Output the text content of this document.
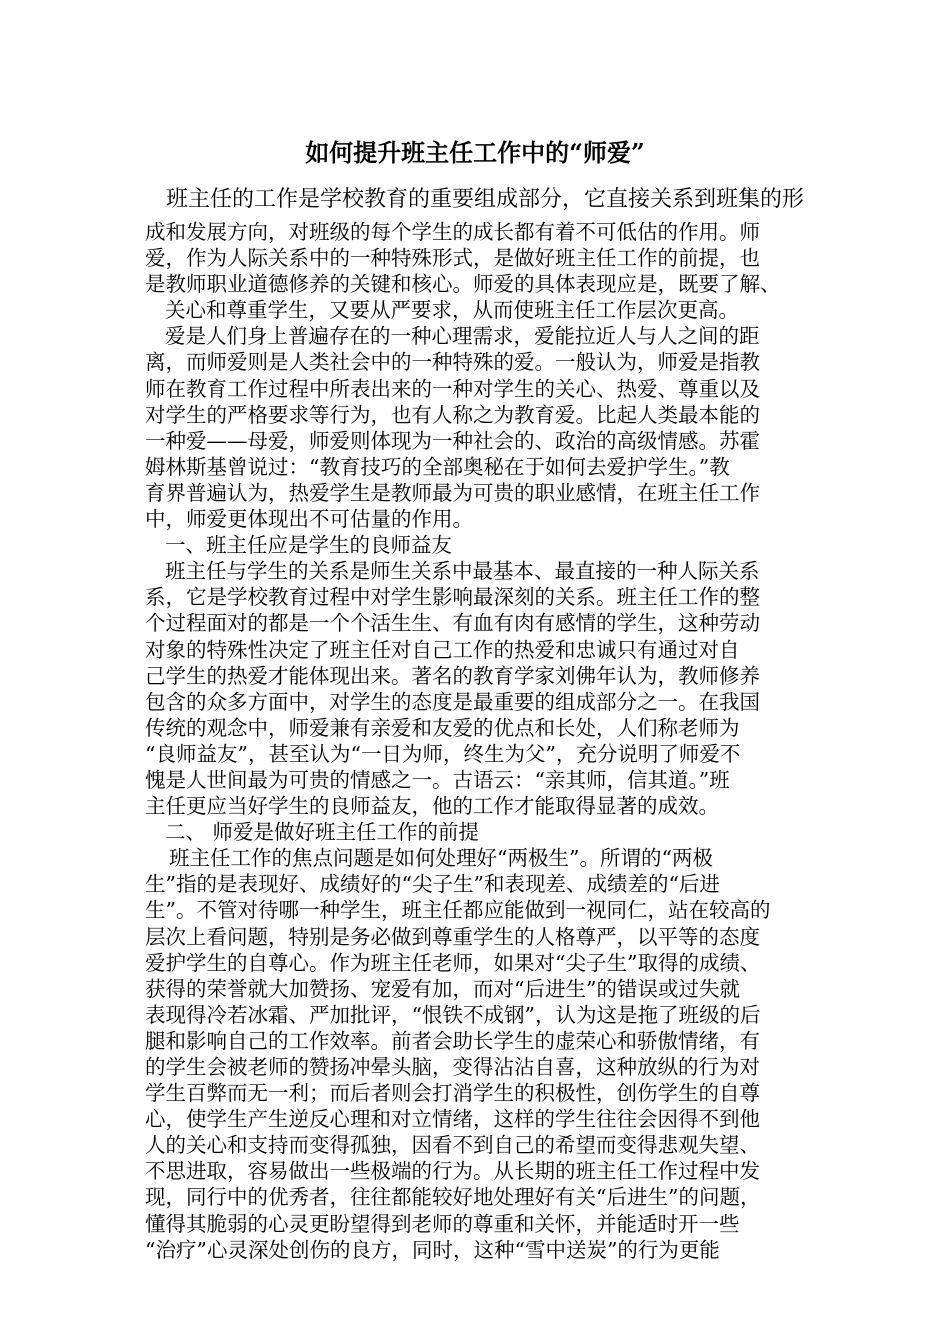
如何提升班主任工作中的“师爱”
班主任的工作是学校教育的重要组成部分，它直接关系到班集的形
成和发展方向，对班级的每个学生的成长都有着不可低估的作用。师
爱，作为人际关系中的一种特殊形式，是做好班主任工作的前提，也
是教师职业道德修养的关键和核心。师爱的具体表现应是，既要了解、
关心和尊重学生，又要从严要求，从而使班主任工作层次更高。
爱是人们身上普遍存在的一种心理需求，爱能拉近人与人之间的距
离，而师爱则是人类社会中的一种特殊的爱。一般认为，师爱是指教
师在教育工作过程中所表出来的一种对学生的关心、热爱、尊重以及
对学生的严格要求等行为，也有人称之为教育爱。比起人类最本能的
一种爱——母爱，师爱则体现为一种社会的、政治的高级情感。苏霍
姆林斯基曾说过：“教育技巧的全部奥秘在于如何去爱护学生。”教
育界普遍认为，热爱学生是教师最为可贵的职业感情，在班主任工作
中，师爱更体现出不可估量的作用。
一、班主任应是学生的良师益友
班主任与学生的关系是师生关系中最基本、最直接的一种人际关系
系，它是学校教育过程中对学生影响最深刻的关系。班主任工作的整
个过程面对的都是一个个活生生、有血有肉有感情的学生，这种劳动
对象的特殊性决定了班主任对自己工作的热爱和忠诚只有通过对自
己学生的热爱才能体现出来。著名的教育学家刘佛年认为，教师修养
包含的众多方面中，对学生的态度是最重要的组成部分之一。在我国
传统的观念中，师爱兼有亲爱和友爱的优点和长处，人们称老师为
“良师益友”，甚至认为“一日为师，终生为父”，充分说明了师爱不
愧是人世间最为可贵的情感之一。古语云：“亲其师，信其道。”班
主任更应当好学生的良师益友，他的工作才能取得显著的成效。
二、 师爱是做好班主任工作的前提
班主任工作的焦点问题是如何处理好“两极生”。所谓的“两极
生”指的是表现好、成绩好的“尖子生”和表现差、成绩差的“后进
生”。不管对待哪一种学生，班主任都应能做到一视同仁，站在较高的
层次上看问题，特别是务必做到尊重学生的人格尊严，以平等的态度
爱护学生的自尊心。作为班主任老师，如果对“尖子生”取得的成绩、
获得的荣誉就大加赞扬、宠爱有加，而对“后进生”的错误或过失就
表现得冷若冰霜、严加批评，“恨铁不成钢”，认为这是拖了班级的后
腿和影响自己的工作效率。前者会助长学生的虚荣心和骄傲情绪，有
的学生会被老师的赞扬冲晕头脑，变得沾沾自喜，这种放纵的行为对
学生百弊而无一利；而后者则会打消学生的积极性，创伤学生的自尊
心，使学生产生逆反心理和对立情绪，这样的学生往往会因得不到他
人的关心和支持而变得孤独，因看不到自己的希望而变得悲观失望、
不思进取，容易做出一些极端的行为。从长期的班主任工作过程中发
现，同行中的优秀者，往往都能较好地处理好有关“后进生”的问题，
懂得其脆弱的心灵更盼望得到老师的尊重和关怀，并能适时开一些
“治疗”心灵深处创伤的良方，同时，这种“雪中送炭”的行为更能
